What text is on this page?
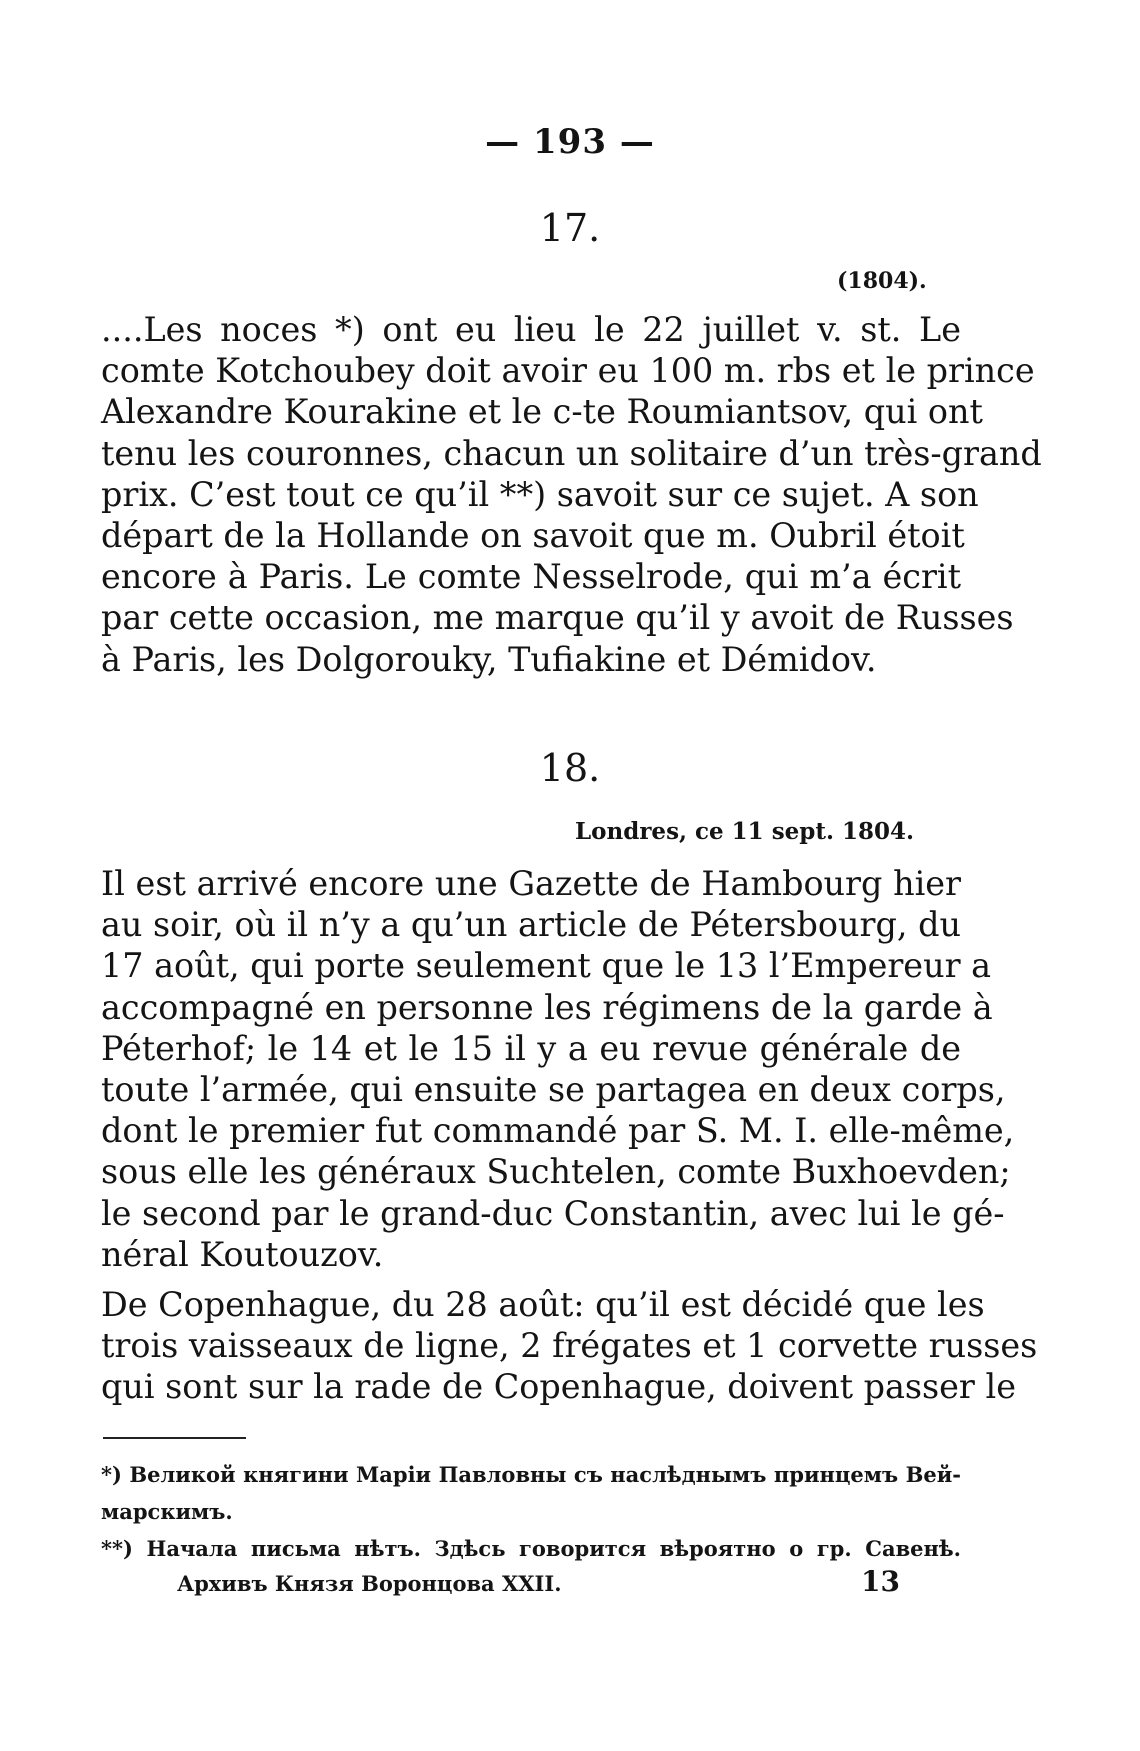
— 193 —
17.
(1804).
....Les noces *) ont eu lieu le 22 juillet v. st. Le
comte Kotchoubey doit avoir eu 100 m. rbs et le prince
Alexandre Kourakine et le c-te Roumiantsov, qui ont
tenu les couronnes, chacun un solitaire d’un très-grand
prix. C’est tout ce qu’il **) savoit sur ce sujet. A son
départ de la Hollande on savoit que m. Oubril étoit
encore à Paris. Le comte Nesselrode, qui m’a écrit
par cette occasion, me marque qu’il y avoit de Russes
à Paris, les Dolgorouky, Tufiakine et Démidov.
18.
Londres, ce 11 sept. 1804.
Il est arrivé encore une Gazette de Hambourg hier
au soir, où il n’y a qu’un article de Pétersbourg, du
17 août, qui porte seulement que le 13 l’Empereur a
accompagné en personne les régimens de la garde à
Péterhof; le 14 et le 15 il y a eu revue générale de
toute l’armée, qui ensuite se partagea en deux corps,
dont le premier fut commandé par S. M. I. elle-même,
sous elle les généraux Suchtelen, comte Buxhoevden;
le second par le grand-duc Constantin, avec lui le gé-
néral Koutouzov.
De Copenhague, du 28 août: qu’il est décidé que les
trois vaisseaux de ligne, 2 frégates et 1 corvette russes
qui sont sur la rade de Copenhague, doivent passer le
*) Великой княгини Маріи Павловны съ наслѣднымъ принцемъ Вей-
марскимъ.
**) Начала письма нѣтъ. Здѣсь говорится вѣроятно о гр. Савенѣ.
Архивъ Князя Воронцова XXII.	13
